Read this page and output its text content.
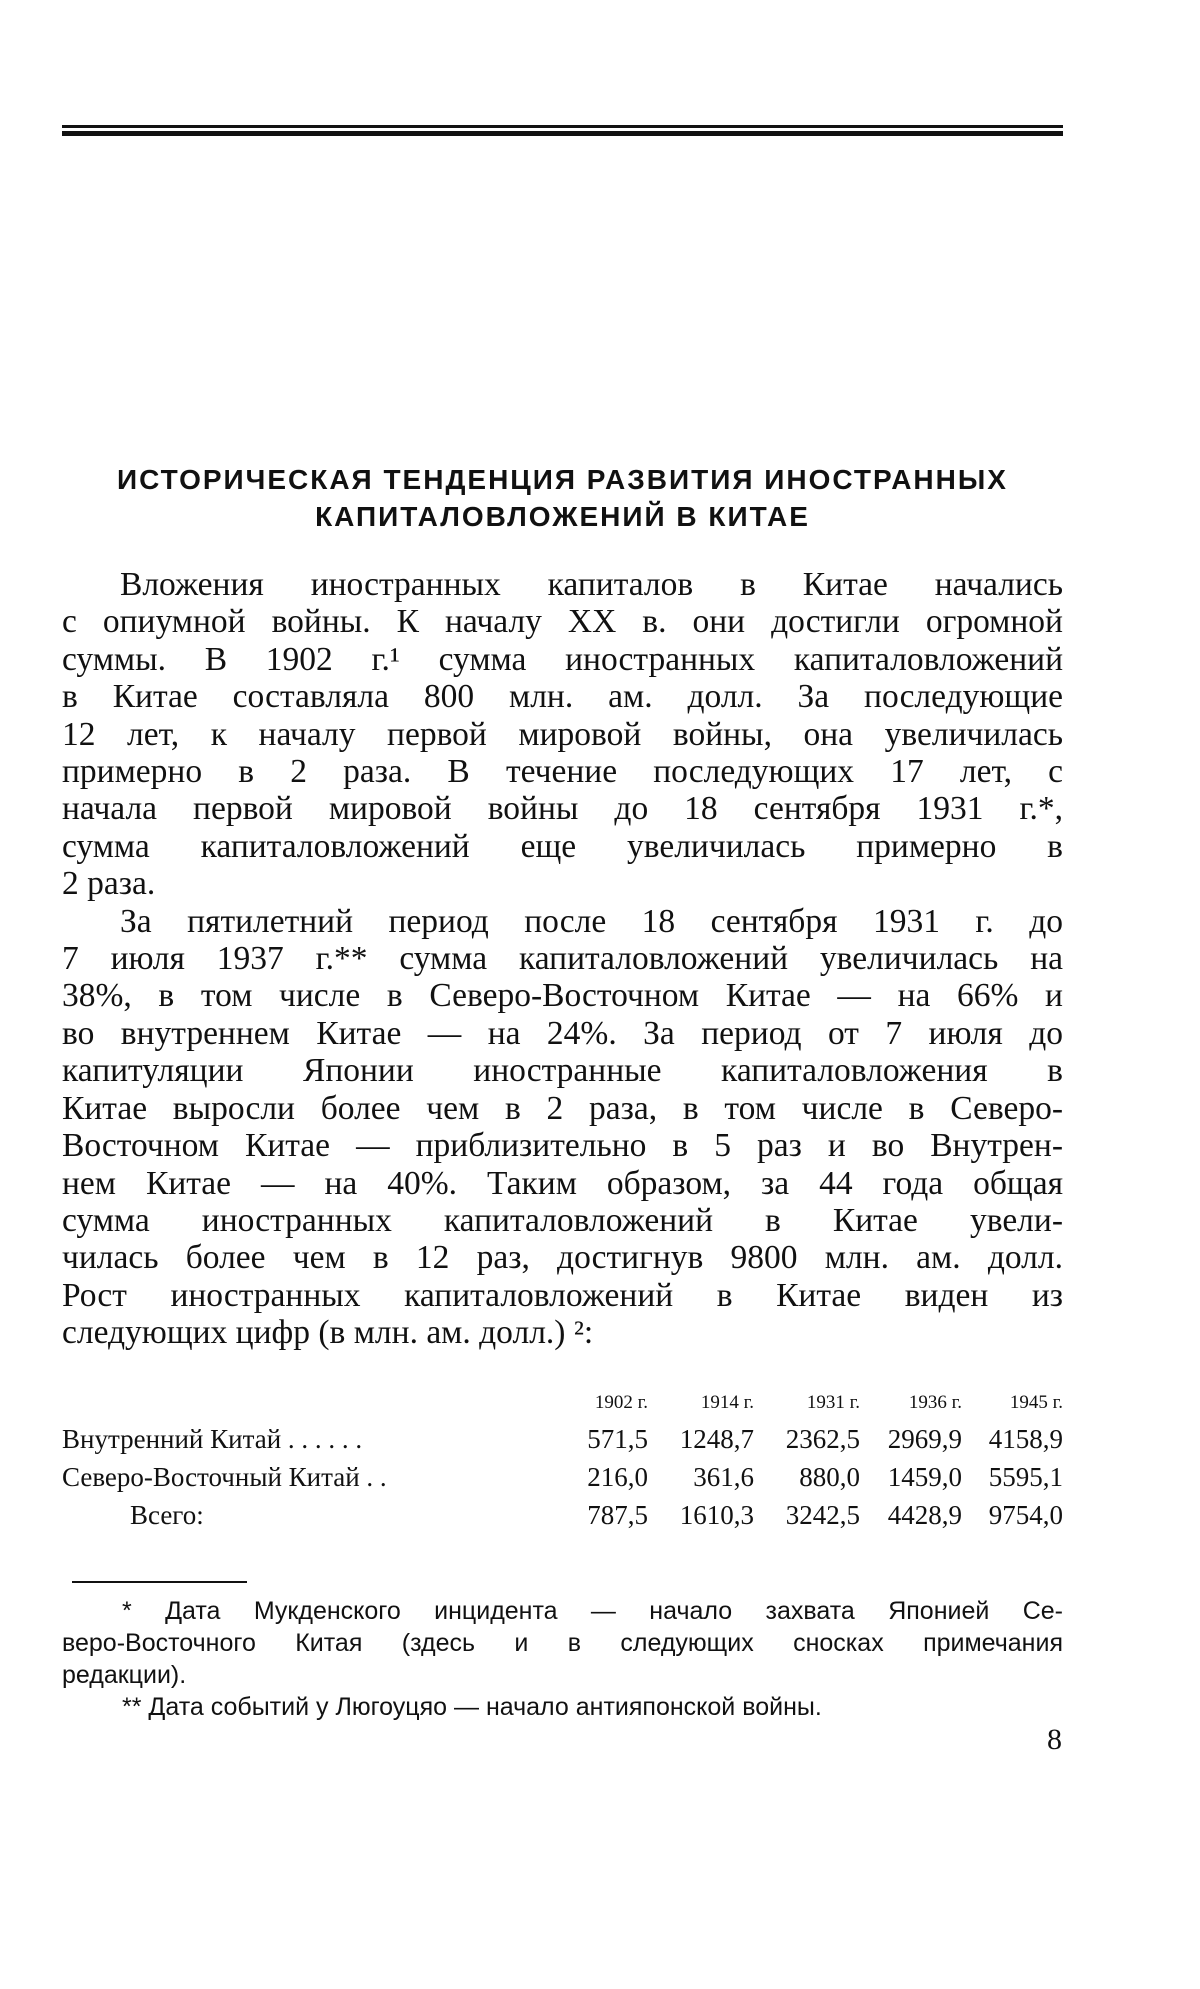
ИСТОРИЧЕСКАЯ ТЕНДЕНЦИЯ РАЗВИТИЯ ИНОСТРАННЫХ
КАПИТАЛОВЛОЖЕНИЙ В КИТАЕ

Вложения иностранных капиталов в Китае начались
с опиумной войны. К началу XX в. они достигли огромной
суммы. В 1902 г.¹ сумма иностранных капиталовложений
в Китае составляла 800 млн. ам. долл. За последующие
12 лет, к началу первой мировой войны, она увеличилась
примерно в 2 раза. В течение последующих 17 лет, с
начала первой мировой войны до 18 сентября 1931 г.*,
сумма капиталовложений еще увеличилась примерно в
2 раза.

За пятилетний период после 18 сентября 1931 г. до
7 июля 1937 г.** сумма капиталовложений увеличилась на
38%, в том числе в Северо-Восточном Китае — на 66% и
во внутреннем Китае — на 24%. За период от 7 июля до
капитуляции Японии иностранные капиталовложения в
Китае выросли более чем в 2 раза, в том числе в Северо-
Восточном Китае — приблизительно в 5 раз и во Внутрен-
нем Китае — на 40%. Таким образом, за 44 года общая
сумма иностранных капиталовложений в Китае увели-
чилась более чем в 12 раз, достигнув 9800 млн. ам. долл.
Рост иностранных капиталовложений в Китае виден из
следующих цифр (в млн. ам. долл.) ²:

	1902 г.	1914 г.	1931 г.	1936 г.	1945 г.
Внутренний Китай . . . . . .	571,5	1248,7	2362,5	2969,9	4158,9
Северо-Восточный Китай . .	216,0	361,6	880,0	1459,0	5595,1
Всего:	787,5	1610,3	3242,5	4428,9	9754,0

* Дата Мукденского инцидента — начало захвата Японией Се-
веро-Восточного Китая (здесь и в следующих сносках примечания
редакции).

** Дата событий у Люгоуцяо — начало антияпонской войны.

8
